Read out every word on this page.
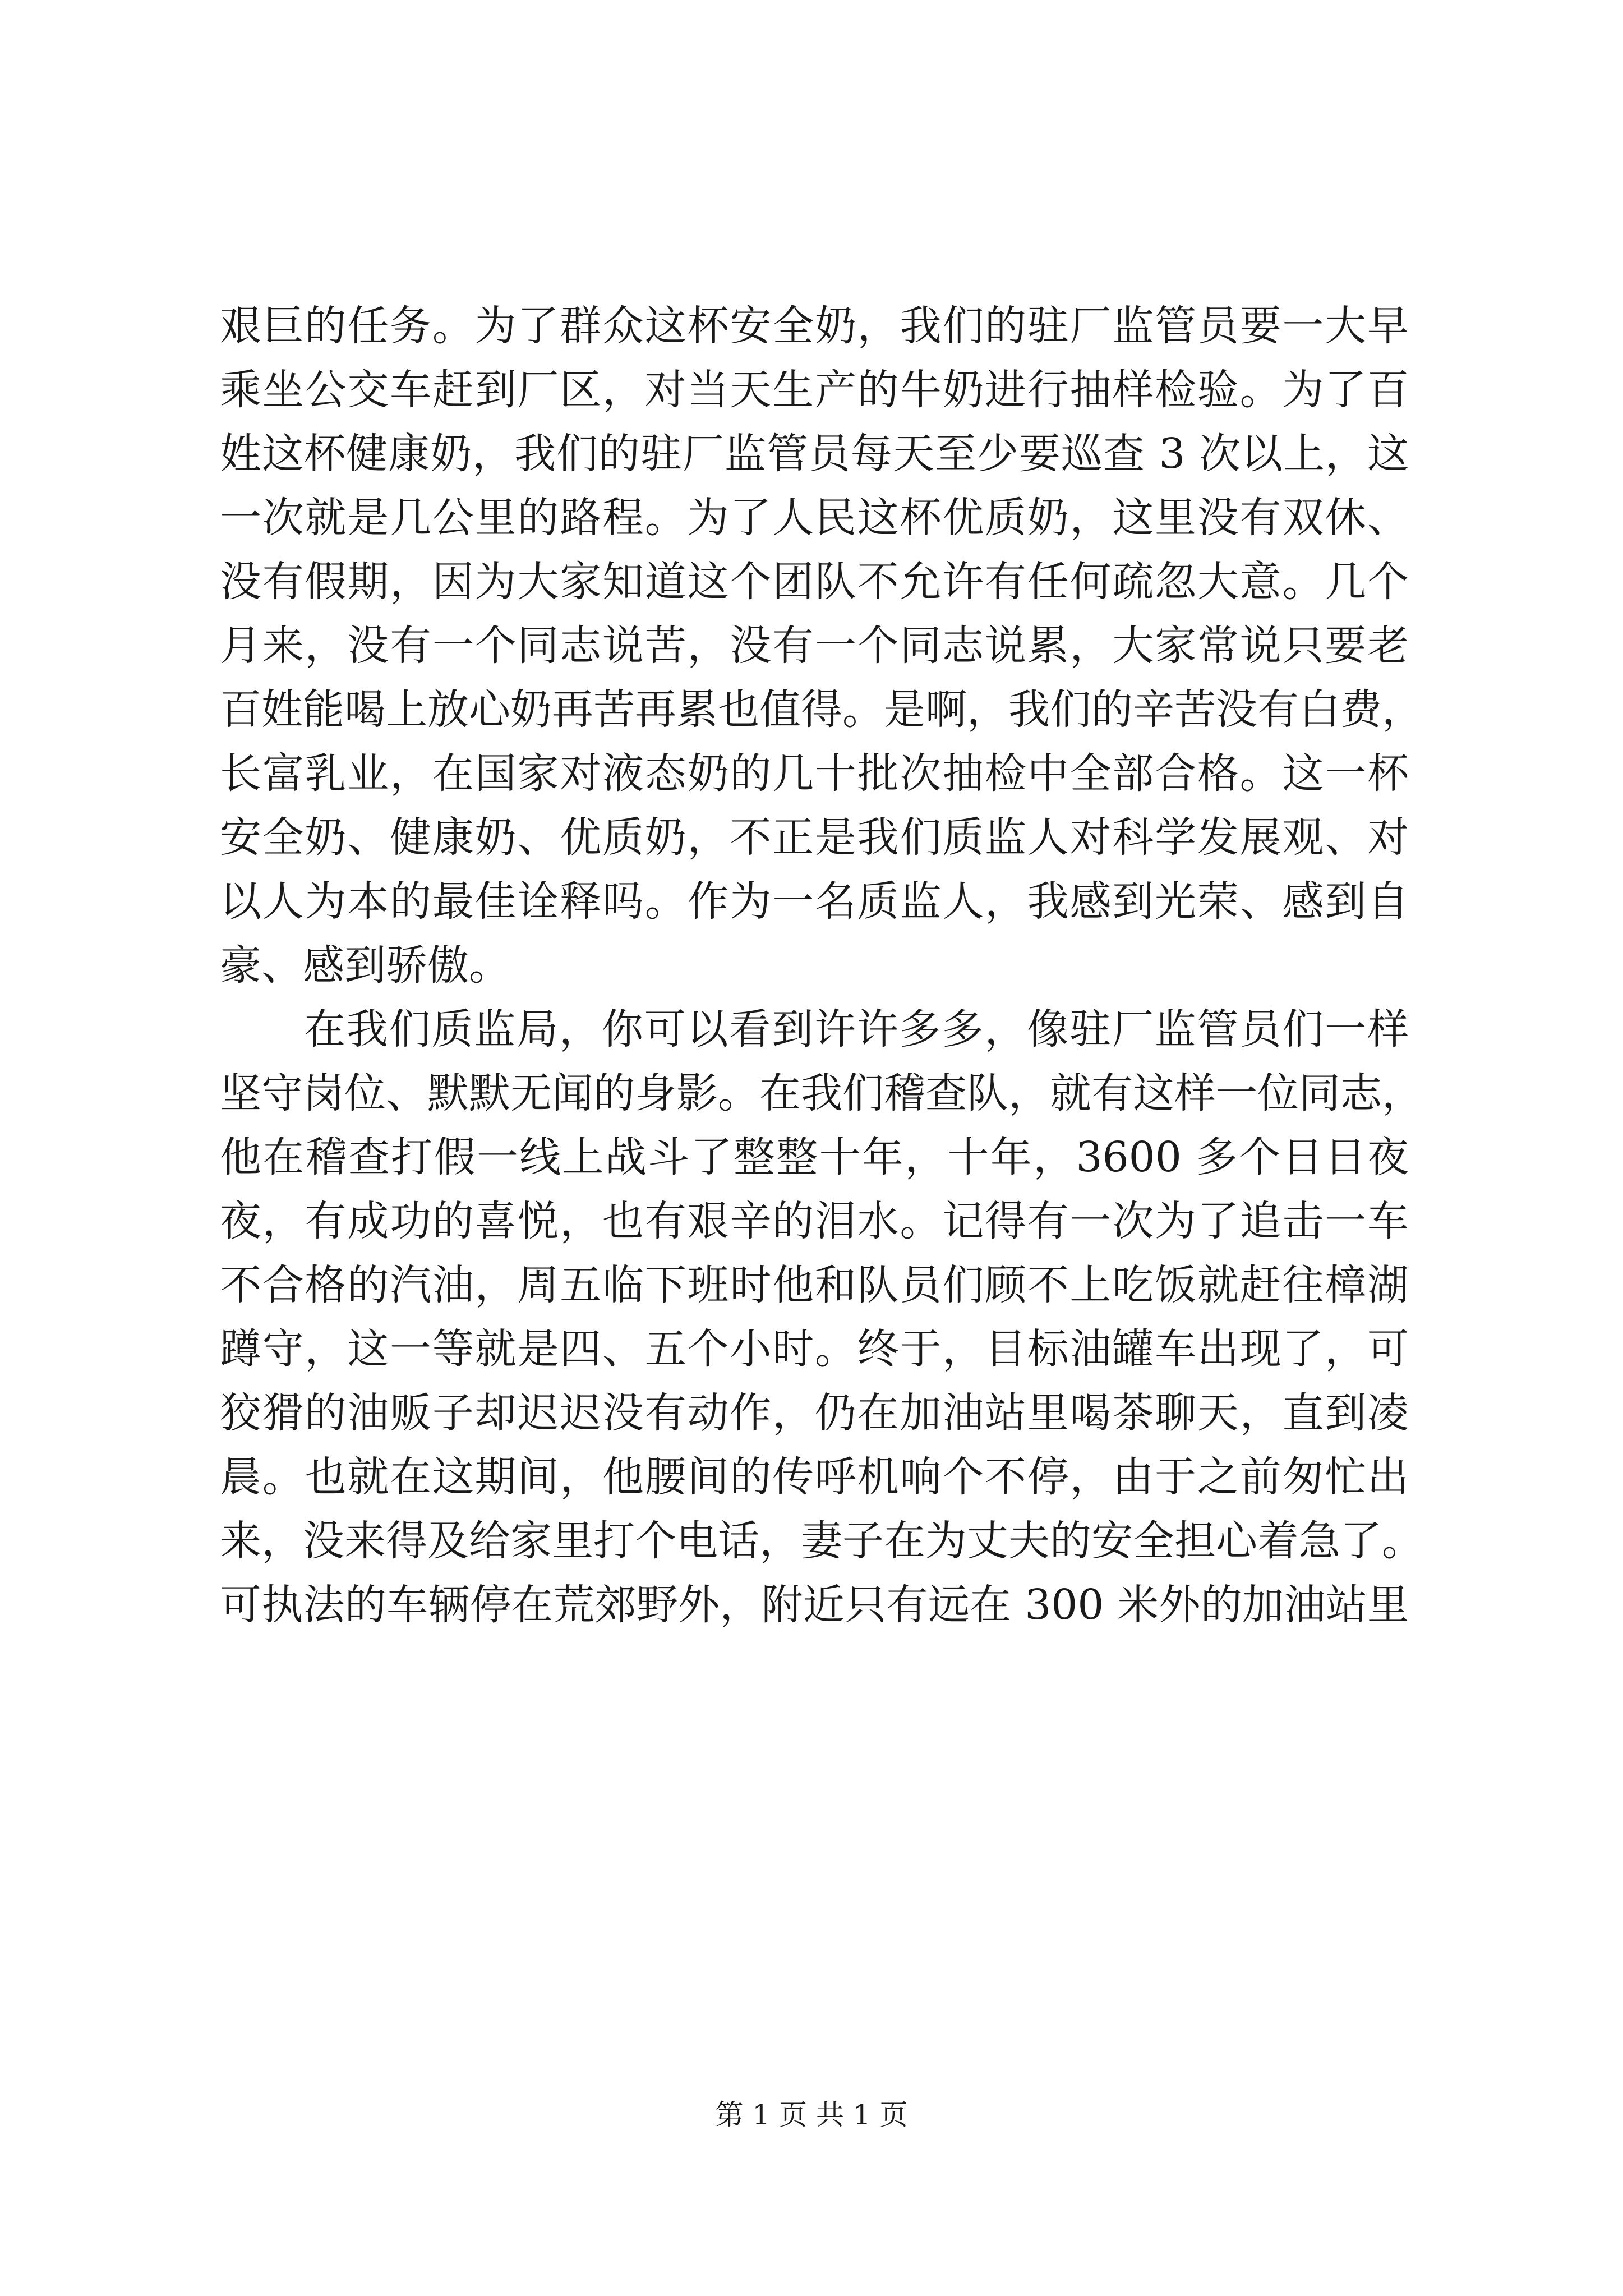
艰巨的任务。为了群众这杯安全奶，我们的驻厂监管员要一大早
乘坐公交车赶到厂区，对当天生产的牛奶进行抽样检验。为了百
姓这杯健康奶，我们的驻厂监管员每天至少要巡查 3 次以上，这
一次就是几公里的路程。为了人民这杯优质奶，这里没有双休、
没有假期，因为大家知道这个团队不允许有任何疏忽大意。几个
月来，没有一个同志说苦，没有一个同志说累，大家常说只要老
百姓能喝上放心奶再苦再累也值得。是啊，我们的辛苦没有白费，
长富乳业，在国家对液态奶的几十批次抽检中全部合格。这一杯
安全奶、健康奶、优质奶，不正是我们质监人对科学发展观、对
以人为本的最佳诠释吗。作为一名质监人，我感到光荣、感到自
豪、感到骄傲。
在我们质监局，你可以看到许许多多，像驻厂监管员们一样
坚守岗位、默默无闻的身影。在我们稽查队，就有这样一位同志，
他在稽查打假一线上战斗了整整十年，十年，3600 多个日日夜
夜，有成功的喜悦，也有艰辛的泪水。记得有一次为了追击一车
不合格的汽油，周五临下班时他和队员们顾不上吃饭就赶往樟湖
蹲守，这一等就是四、五个小时。终于，目标油罐车出现了，可
狡猾的油贩子却迟迟没有动作，仍在加油站里喝茶聊天，直到凌
晨。也就在这期间，他腰间的传呼机响个不停，由于之前匆忙出
来，没来得及给家里打个电话，妻子在为丈夫的安全担心着急了。
可执法的车辆停在荒郊野外，附近只有远在 300 米外的加油站里
第 1 页 共 1 页
